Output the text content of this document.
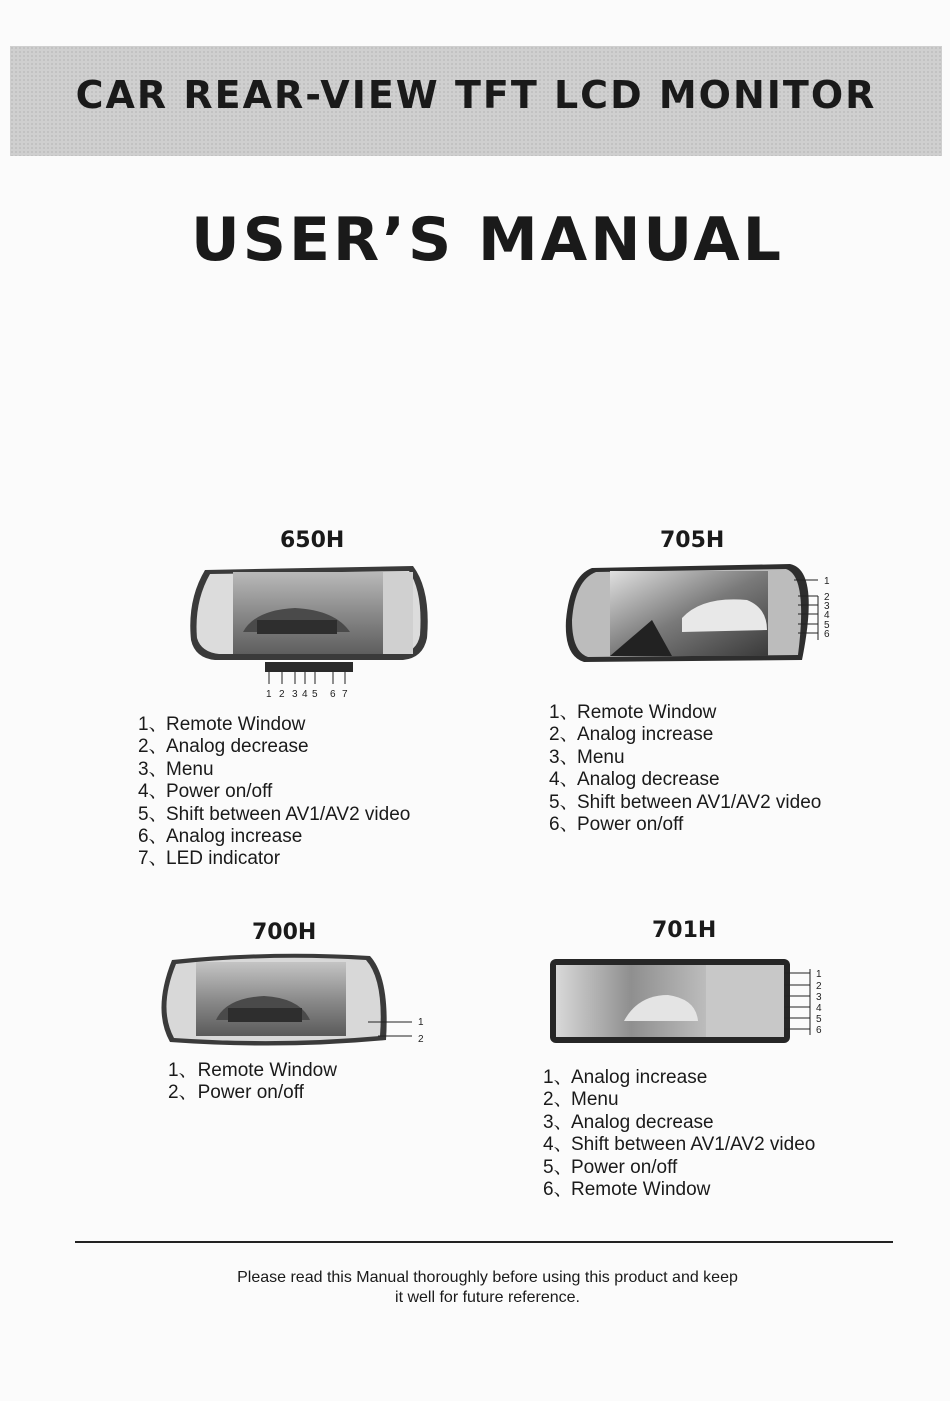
CAR REAR-VIEW TFT LCD MONITOR
USER’S MANUAL
650H
1 2 3 4 5 6 7
1、Remote Window
2、Analog decrease
3、Menu
4、Power on/off
5、Shift between AV1/AV2 video
6、Analog increase
7、LED indicator
705H
1
2
3
4
5
6
1、Remote Window
2、Analog increase
3、Menu
4、Analog decrease
5、Shift between AV1/AV2 video
6、Power on/off
700H
1
2
1、Remote Window
2、Power on/off
701H
1
2
3
4
5
6
1、Analog increase
2、Menu
3、Analog decrease
4、Shift between AV1/AV2 video
5、Power on/off
6、Remote Window
Please read this Manual thoroughly before using this product and keep
it well for future reference.
